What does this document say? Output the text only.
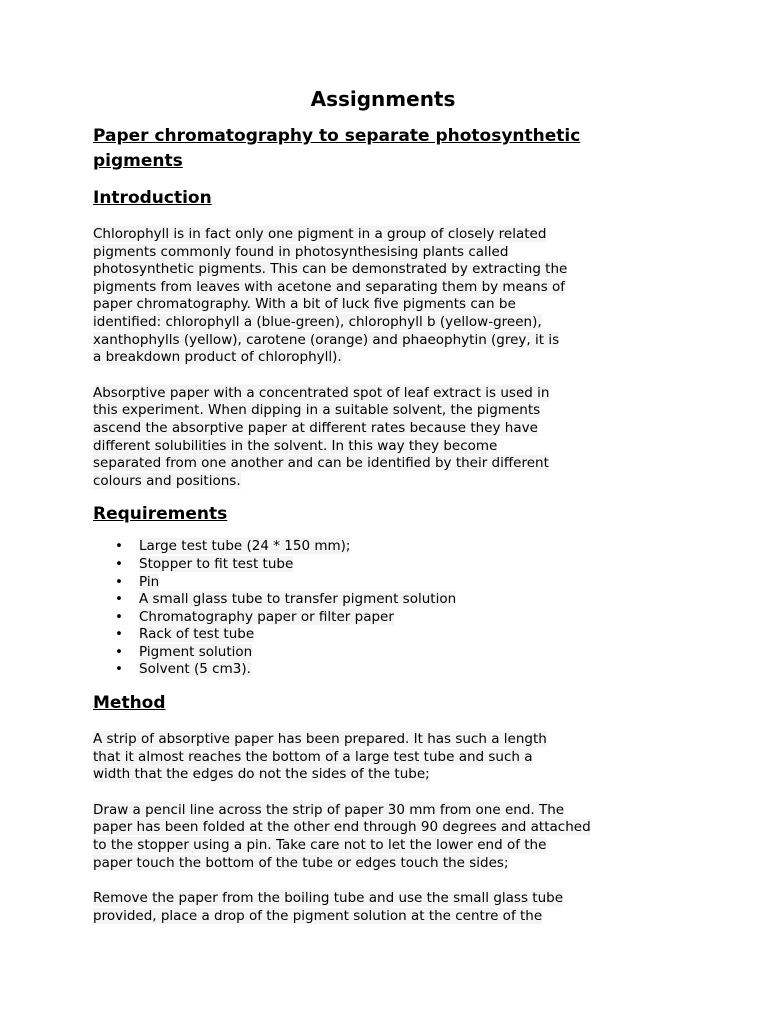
Assignments
Paper chromatography to separate photosynthetic
pigments
Introduction

Chlorophyll is in fact only one pigment in a group of closely related
pigments commonly found in photosynthesising plants called
photosynthetic pigments. This can be demonstrated by extracting the
pigments from leaves with acetone and separating them by means of
paper chromatography. With a bit of luck five pigments can be
identified: chlorophyll a (blue-green), chlorophyll b (yellow-green),
xanthophylls (yellow), carotene (orange) and phaeophytin (grey, it is
a breakdown product of chlorophyll).

Absorptive paper with a concentrated spot of leaf extract is used in
this experiment. When dipping in a suitable solvent, the pigments
ascend the absorptive paper at different rates because they have
different solubilities in the solvent. In this way they become
separated from one another and can be identified by their different
colours and positions.

Requirements
• Large test tube (24 * 150 mm);
• Stopper to fit test tube
• Pin
• A small glass tube to transfer pigment solution
• Chromatography paper or filter paper
• Rack of test tube
• Pigment solution
• Solvent (5 cm3).
Method

A strip of absorptive paper has been prepared. It has such a length
that it almost reaches the bottom of a large test tube and such a
width that the edges do not the sides of the tube;

Draw a pencil line across the strip of paper 30 mm from one end. The
paper has been folded at the other end through 90 degrees and attached
to the stopper using a pin. Take care not to let the lower end of the
paper touch the bottom of the tube or edges touch the sides;

Remove the paper from the boiling tube and use the small glass tube
provided, place a drop of the pigment solution at the centre of the
